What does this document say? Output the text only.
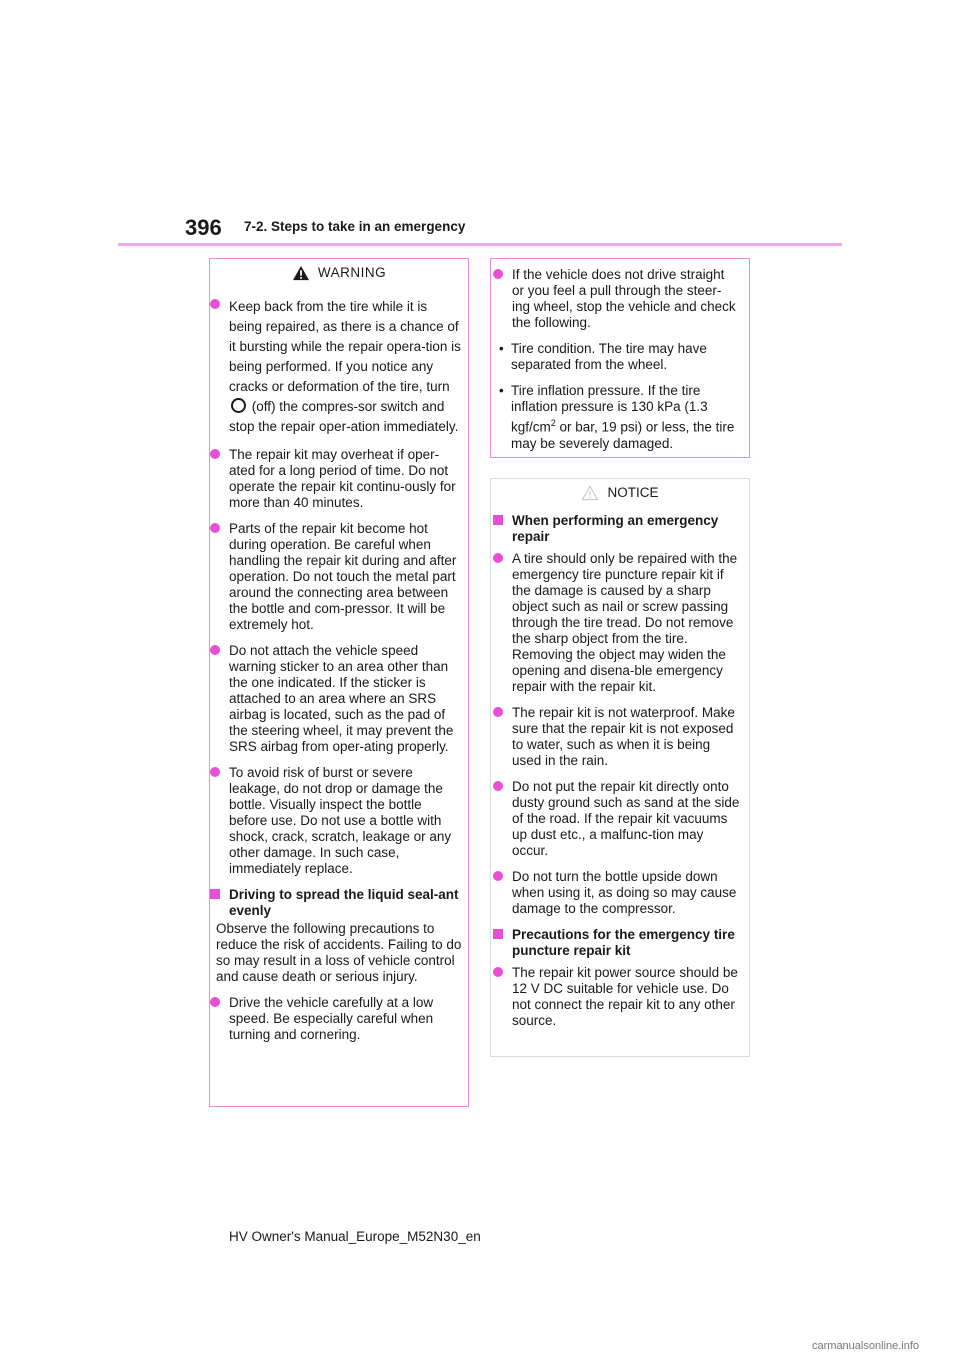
396 7-2. Steps to take in an emergency
WARNING
Keep back from the tire while it is being repaired, as there is a chance of it bursting while the repair opera-tion is being performed. If you notice any cracks or deformation of the tire, turn  (off) the compres-sor switch and stop the repair oper-ation immediately.
The repair kit may overheat if oper-ated for a long period of time. Do not operate the repair kit continu-ously for more than 40 minutes.
Parts of the repair kit become hot during operation. Be careful when handling the repair kit during and after operation. Do not touch the metal part around the connecting area between the bottle and com-pressor. It will be extremely hot.
Do not attach the vehicle speed warning sticker to an area other than the one indicated. If the sticker is attached to an area where an SRS airbag is located, such as the pad of the steering wheel, it may prevent the SRS airbag from oper-ating properly.
To avoid risk of burst or severe leakage, do not drop or damage the bottle. Visually inspect the bottle before use. Do not use a bottle with shock, crack, scratch, leakage or any other damage. In such case, immediately replace.
Driving to spread the liquid seal-ant evenly
Observe the following precautions to reduce the risk of accidents. Failing to do so may result in a loss of vehicle control and cause death or serious injury.
Drive the vehicle carefully at a low speed. Be especially careful when turning and cornering.
If the vehicle does not drive straight or you feel a pull through the steer-ing wheel, stop the vehicle and check the following.
• Tire condition. The tire may have separated from the wheel.
• Tire inflation pressure. If the tire inflation pressure is 130 kPa (1.3 kgf/$cm^2$ or bar, 19 psi) or less, the tire may be severely damaged.
NOTICE
When performing an emergency repair
A tire should only be repaired with the emergency tire puncture repair kit if the damage is caused by a sharp object such as nail or screw passing through the tire tread. Do not remove the sharp object from the tire. Removing the object may widen the opening and disena-ble emergency repair with the repair kit.
The repair kit is not waterproof. Make sure that the repair kit is not exposed to water, such as when it is being used in the rain.
Do not put the repair kit directly onto dusty ground such as sand at the side of the road. If the repair kit vacuums up dust etc., a malfunc-tion may occur.
Do not turn the bottle upside down when using it, as doing so may cause damage to the compressor.
Precautions for the emergency tire puncture repair kit
The repair kit power source should be 12 V DC suitable for vehicle use. Do not connect the repair kit to any other source.
HV Owner's Manual_Europe_M52N30_en
carmanualsonline.info
